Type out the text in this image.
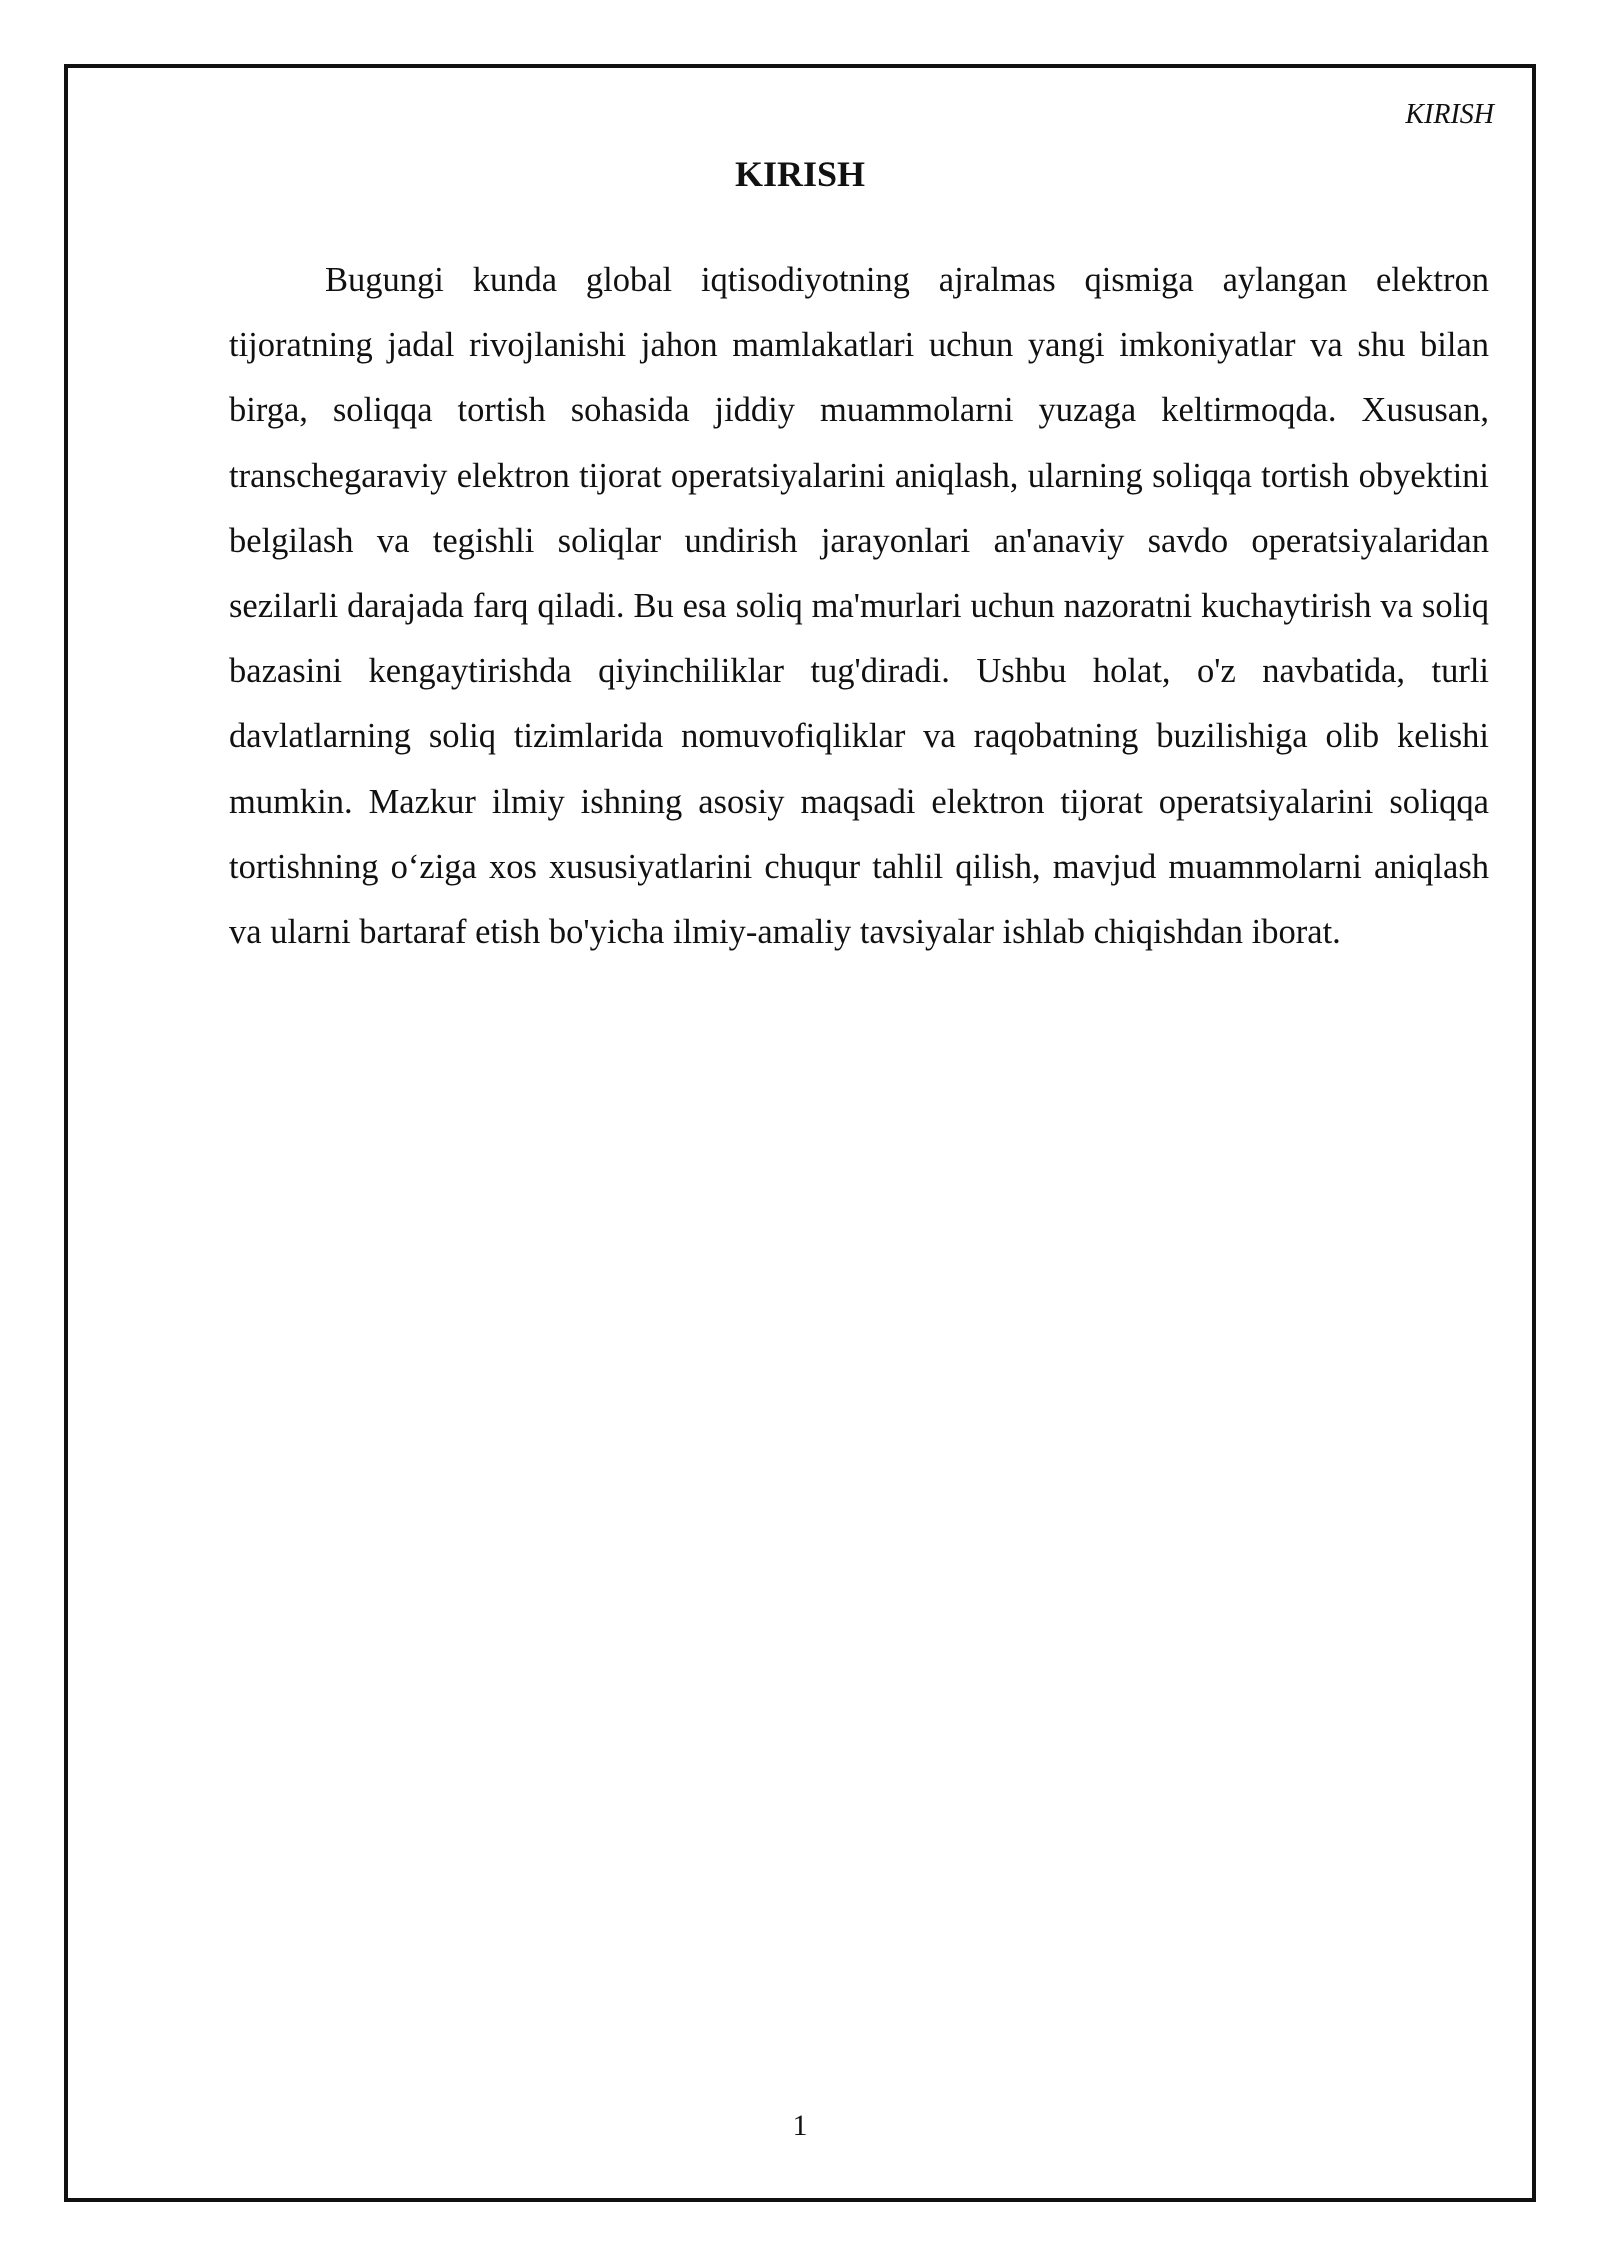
KIRISH
KIRISH

Bugungi kunda global iqtisodiyotning ajralmas qismiga aylangan elektron tijoratning jadal rivojlanishi jahon mamlakatlari uchun yangi imkoniyatlar va shu bilan birga, soliqqa tortish sohasida jiddiy muammolarni yuzaga keltirmoqda. Xususan, transchegaraviy elektron tijorat operatsiyalarini aniqlash, ularning soliqqa tortish obyektini belgilash va tegishli soliqlar undirish jarayonlari an'anaviy savdo operatsiyalaridan sezilarli darajada farq qiladi. Bu esa soliq ma'murlari uchun nazoratni kuchaytirish va soliq bazasini kengaytirishda qiyinchiliklar tug'diradi. Ushbu holat, o'z navbatida, turli davlatlarning soliq tizimlarida nomuvofiqliklar va raqobatning buzilishiga olib kelishi mumkin. Mazkur ilmiy ishning asosiy maqsadi elektron tijorat operatsiyalarini soliqqa tortishning o‘ziga xos xususiyatlarini chuqur tahlil qilish, mavjud muammolarni aniqlash va ularni bartaraf etish bo'yicha ilmiy-amaliy tavsiyalar ishlab chiqishdan iborat.

1
